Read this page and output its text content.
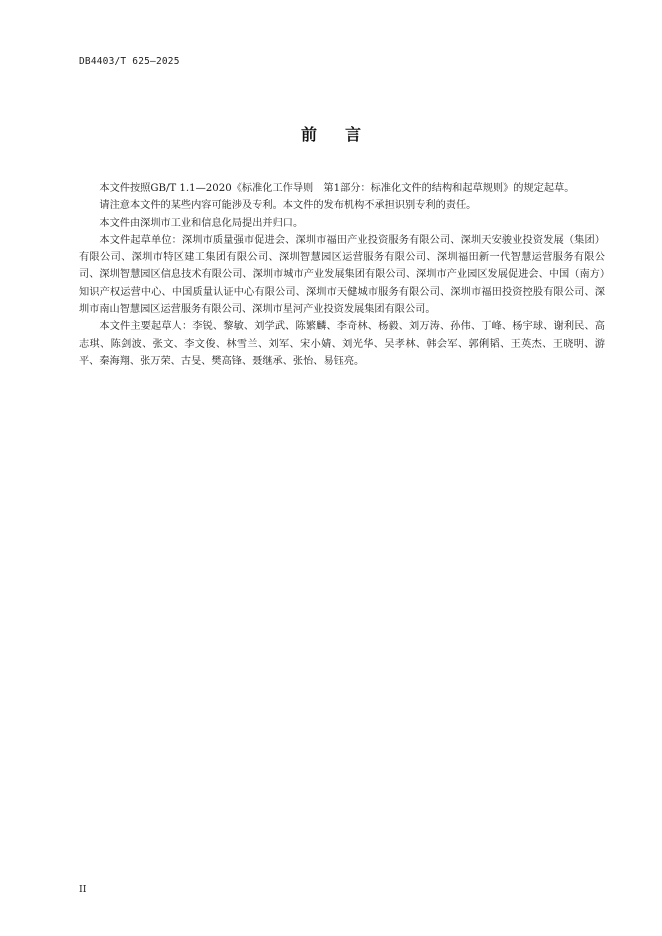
DB4403/T 625—2025
前言

本文件按照GB/T 1.1—2020《标准化工作导则　第1部分：标准化文件的结构和起草规则》的规定起草。

请注意本文件的某些内容可能涉及专利。本文件的发布机构不承担识别专利的责任。

本文件由深圳市工业和信息化局提出并归口。

本文件起草单位：深圳市质量强市促进会、深圳市福田产业投资服务有限公司、深圳天安骏业投资发展（集团）有限公司、深圳市特区建工集团有限公司、深圳智慧园区运营服务有限公司、深圳福田新一代智慧运营服务有限公司、深圳智慧园区信息技术有限公司、深圳市城市产业发展集团有限公司、深圳市产业园区发展促进会、中国（南方）知识产权运营中心、中国质量认证中心有限公司、深圳市天健城市服务有限公司、深圳市福田投资控股有限公司、深圳市南山智慧园区运营服务有限公司、深圳市星河产业投资发展集团有限公司。

本文件主要起草人：李锐、黎敏、刘学武、陈繁麟、李奇林、杨毅、刘万涛、孙伟、丁峰、杨宇球、谢利民、高志琪、陈剑波、张文、李文俊、林雪兰、刘军、宋小婧、刘光华、吴孝林、韩会军、郭俐韬、王英杰、王晓明、游平、秦海翔、张万荣、古旻、樊高锋、聂继承、张怡、易钰亮。

II
